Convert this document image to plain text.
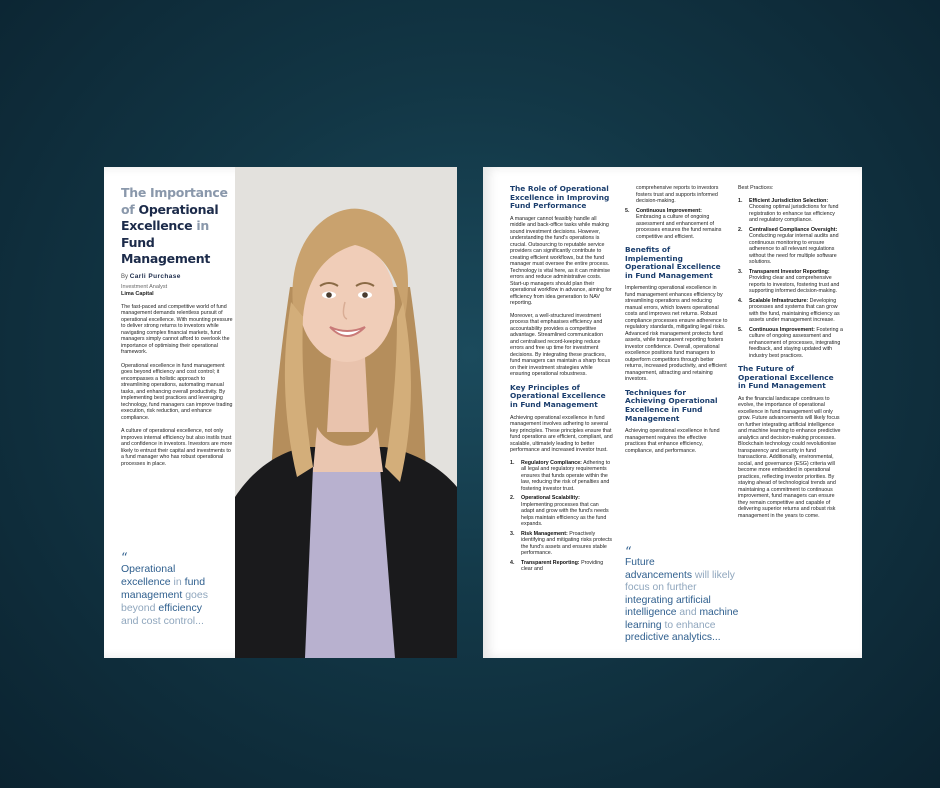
The Importance
of Operational
Excellence in Fund
Management
By Carli Purchase
Investment Analyst
Lima Capital

The fast-paced and competitive world of fund management demands relentless pursuit of operational excellence. With mounting pressure to deliver strong returns to investors while navigating complex financial markets, fund managers simply cannot afford to overlook the importance of optimising their operational framework.

Operational excellence in fund management goes beyond efficiency and cost control; it encompasses a holistic approach to streamlining operations, automating manual tasks, and enhancing overall productivity. By implementing best practices and leveraging technology, fund managers can improve trading execution, risk reduction, and enhance compliance.

A culture of operational excellence, not only improves internal efficiency but also instils trust and confidence in investors. Investors are more likely to entrust their capital and investments to a fund manager who has robust operational processes in place.

“
Operational
excellence in fund
management goes
beyond efficiency
and cost control...
The Role of Operational Excellence in Improving Fund Performance

A manager cannot feasibly handle all middle and back-office tasks while making sound investment decisions. However, understanding the fund's operations is crucial. Outsourcing to reputable service providers can significantly contribute to creating efficient workflows, but the fund manager must oversee the entire process. Technology is vital here, as it can minimise errors and reduce administrative costs. Start-up managers should plan their operational workflow in advance, aiming for efficiency from idea generation to NAV reporting.

Moreover, a well-structured investment process that emphasises efficiency and accountability provides a competitive advantage. Streamlined communication and centralised record-keeping reduce errors and free up time for investment decisions. By integrating these practices, fund managers can maintain a sharp focus on their investment strategies while ensuring operational robustness.

Key Principles of Operational Excellence in Fund Management

Achieving operational excellence in fund management involves adhering to several key principles. These principles ensure that fund operations are efficient, compliant, and scalable, ultimately leading to better performance and increased investor trust.

1. Regulatory Compliance: Adhering to all legal and regulatory requirements ensures that funds operate within the law, reducing the risk of penalties and fostering investor trust.
2. Operational Scalability: Implementing processes that can adapt and grow with the fund's needs helps maintain efficiency as the fund expands.
3. Risk Management: Proactively identifying and mitigating risks protects the fund's assets and ensures stable performance.
4. Transparent Reporting: Providing clear and
comprehensive reports to investors fosters trust and supports informed decision-making.
5. Continuous Improvement: Embracing a culture of ongoing assessment and enhancement of processes ensures the fund remains competitive and efficient.
Benefits of Implementing Operational Excellence in Fund Management

Implementing operational excellence in fund management enhances efficiency by streamlining operations and reducing manual errors, which lowers operational costs and improves net returns. Robust compliance processes ensure adherence to regulatory standards, mitigating legal risks. Advanced risk management protects fund assets, while transparent reporting fosters investor confidence. Overall, operational excellence positions fund managers to outperform competitors through better returns, increased productivity, and efficient management, attracting and retaining investors.

Techniques for Achieving Operational Excellence in Fund Management

Achieving operational excellence in fund management requires the effective practices that enhance efficiency, compliance, and performance.

“
Future
advancements will likely focus on further integrating artificial intelligence and machine learning to enhance predictive analytics...

Best Practices:

1. Efficient Jurisdiction Selection: Choosing optimal jurisdictions for fund registration to enhance tax efficiency and regulatory compliance.
2. Centralised Compliance Oversight: Conducting regular internal audits and continuous monitoring to ensure adherence to all relevant regulations without the need for multiple software solutions.
3. Transparent Investor Reporting: Providing clear and comprehensive reports to investors, fostering trust and supporting informed decision-making.
4. Scalable Infrastructure: Developing processes and systems that can grow with the fund, maintaining efficiency as assets under management increase.
5. Continuous Improvement: Fostering a culture of ongoing assessment and enhancement of processes, integrating feedback, and staying updated with industry best practices.
The Future of Operational Excellence in Fund Management

As the financial landscape continues to evolve, the importance of operational excellence in fund management will only grow. Future advancements will likely focus on further integrating artificial intelligence and machine learning to enhance predictive analytics and decision-making processes. Blockchain technology could revolutionise transparency and security in fund transactions. Additionally, environmental, social, and governance (ESG) criteria will become more embedded in operational practices, reflecting investor priorities. By staying ahead of technological trends and maintaining a commitment to continuous improvement, fund managers can ensure they remain competitive and capable of delivering superior returns and robust risk management in the years to come.
